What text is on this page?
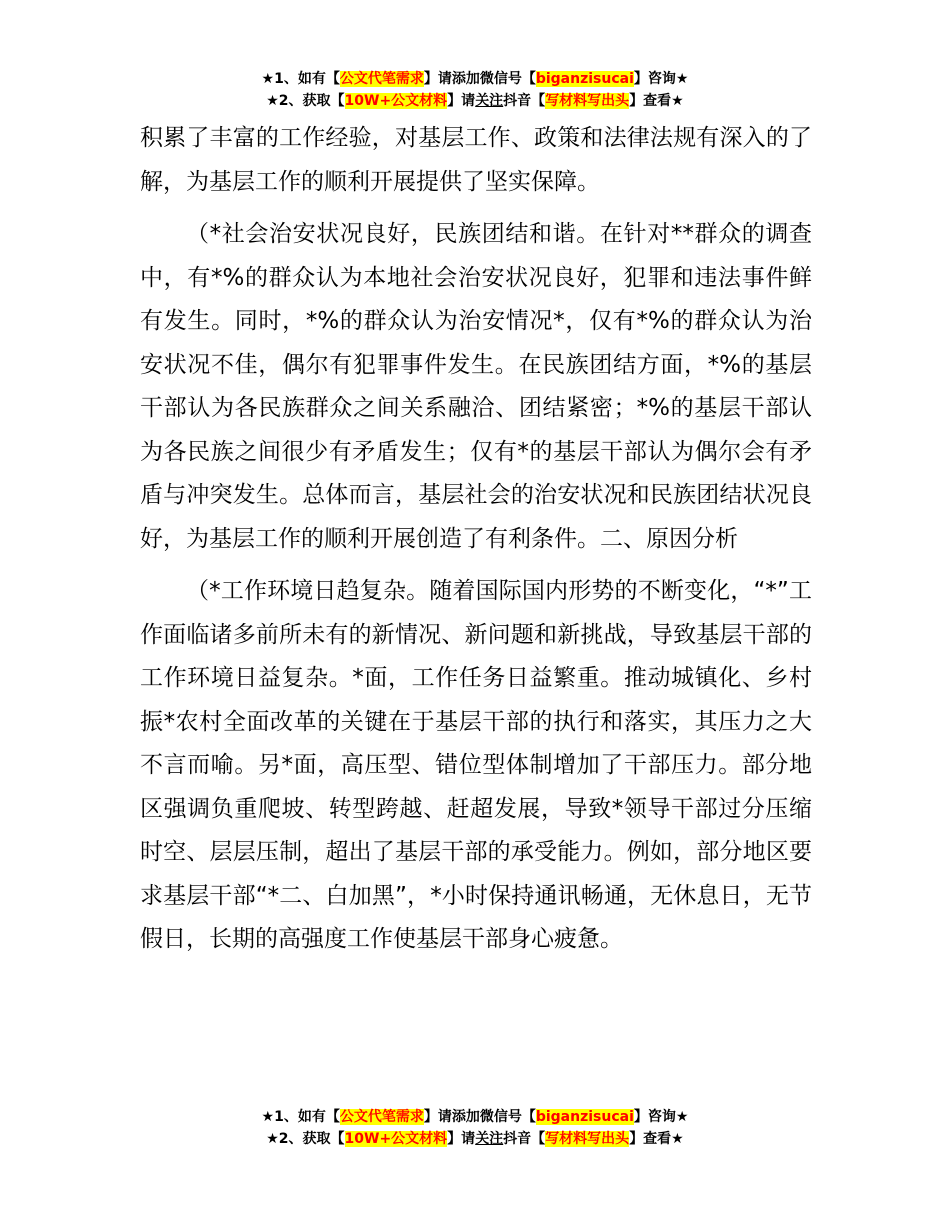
★1、如有【公文代笔需求】请添加微信号【biganzisucai】咨询★
★2、获取【10W+公文材料】请关注抖音【写材料写出头】查看★

积累了丰富的工作经验，对基层工作、政策和法律法规有深入的了解，为基层工作的顺利开展提供了坚实保障。

（*社会治安状况良好，民族团结和谐。在针对**群众的调查中，有*%的群众认为本地社会治安状况良好，犯罪和违法事件鲜有发生。同时，*%的群众认为治安情况*，仅有*%的群众认为治安状况不佳，偶尔有犯罪事件发生。在民族团结方面，*%的基层干部认为各民族群众之间关系融洽、团结紧密；*%的基层干部认为各民族之间很少有矛盾发生；仅有*的基层干部认为偶尔会有矛盾与冲突发生。总体而言，基层社会的治安状况和民族团结状况良好，为基层工作的顺利开展创造了有利条件。二、原因分析

（*工作环境日趋复杂。随着国际国内形势的不断变化，“*”工作面临诸多前所未有的新情况、新问题和新挑战，导致基层干部的工作环境日益复杂。*面，工作任务日益繁重。推动城镇化、乡村振*农村全面改革的关键在于基层干部的执行和落实，其压力之大不言而喻。另*面，高压型、错位型体制增加了干部压力。部分地区强调负重爬坡、转型跨越、赶超发展，导致*领导干部过分压缩时空、层层压制，超出了基层干部的承受能力。例如，部分地区要求基层干部“*二、白加黑”，*小时保持通讯畅通，无休息日，无节假日，长期的高强度工作使基层干部身心疲惫。

★1、如有【公文代笔需求】请添加微信号【biganzisucai】咨询★
★2、获取【10W+公文材料】请关注抖音【写材料写出头】查看★
